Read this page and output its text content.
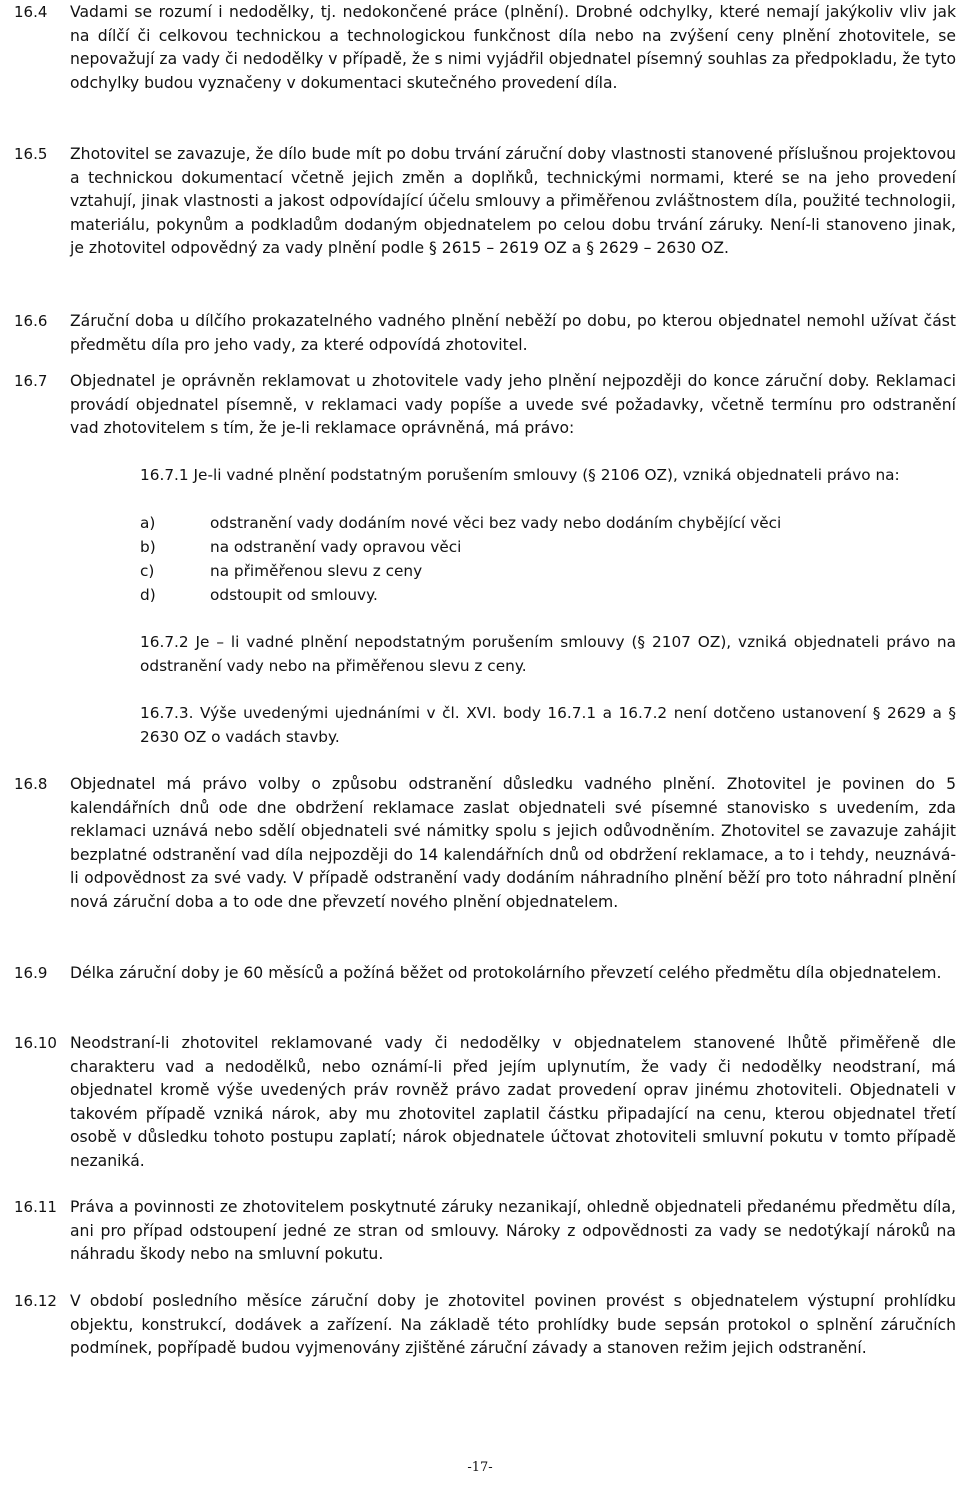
16.4 Vadami se rozumí i nedodělky, tj. nedokončené práce (plnění). Drobné odchylky, které nemají jakýkoliv vliv jak na dílčí či celkovou technickou a technologickou funkčnost díla nebo na zvýšení ceny plnění zhotovitele, se nepovažují za vady či nedodělky v případě, že s nimi vyjádřil objednatel písemný souhlas za předpokladu, že tyto odchylky budou vyznačeny v dokumentaci skutečného provedení díla.
16.5 Zhotovitel se zavazuje, že dílo bude mít po dobu trvání záruční doby vlastnosti stanovené příslušnou projektovou a technickou dokumentací včetně jejich změn a doplňků, technickými normami, které se na jeho provedení vztahují, jinak vlastnosti a jakost odpovídající účelu smlouvy a přiměřenou zvláštnostem díla, použité technologii, materiálu, pokynům a podkladům dodaným objednatelem po celou dobu trvání záruky. Není-li stanoveno jinak, je zhotovitel odpovědný za vady plnění podle § 2615 – 2619 OZ a § 2629 – 2630 OZ.
16.6 Záruční doba u dílčího prokazatelného vadného plnění neběží po dobu, po kterou objednatel nemohl užívat část předmětu díla pro jeho vady, za které odpovídá zhotovitel.
16.7 Objednatel je oprávněn reklamovat u zhotovitele vady jeho plnění nejpozději do konce záruční doby. Reklamaci provádí objednatel písemně, v reklamaci vady popíše a uvede své požadavky, včetně termínu pro odstranění vad zhotovitelem s tím, že je-li reklamace oprávněná, má právo:
16.7.1 Je-li vadné plnění podstatným porušením smlouvy (§ 2106 OZ), vzniká objednateli právo na:
a)	odstranění vady dodáním nové věci bez vady nebo dodáním chybějící věci
b)	na odstranění vady opravou věci
c)	na přiměřenou slevu z ceny
d)	odstoupit od smlouvy.
16.7.2 Je – li vadné plnění nepodstatným porušením smlouvy (§ 2107 OZ), vzniká objednateli právo na odstranění vady nebo na přiměřenou slevu z ceny.
16.7.3. Výše uvedenými ujednáními v čl. XVI. body 16.7.1 a 16.7.2 není dotčeno ustanovení § 2629 a § 2630 OZ o vadách stavby.
16.8 Objednatel má právo volby o způsobu odstranění důsledku vadného plnění. Zhotovitel je povinen do 5 kalendářních dnů ode dne obdržení reklamace zaslat objednateli své písemné stanovisko s uvedením, zda reklamaci uznává nebo sdělí objednateli své námitky spolu s jejich odůvodněním. Zhotovitel se zavazuje zahájit bezplatné odstranění vad díla nejpozději do 14 kalendářních dnů od obdržení reklamace, a to i tehdy, neuznává-li odpovědnost za své vady. V případě odstranění vady dodáním náhradního plnění běží pro toto náhradní plnění nová záruční doba a to ode dne převzetí nového plnění objednatelem.
16.9 Délka záruční doby je 60 měsíců a požíná běžet od protokolárního převzetí celého předmětu díla objednatelem.
16.10 Neodstraní-li zhotovitel reklamované vady či nedodělky v objednatelem stanovené lhůtě přiměřeně dle charakteru vad a nedodělků, nebo oznámí-li před jejím uplynutím, že vady či nedodělky neodstraní, má objednatel kromě výše uvedených práv rovněž právo zadat provedení oprav jinému zhotoviteli. Objednateli v takovém případě vzniká nárok, aby mu zhotovitel zaplatil částku připadající na cenu, kterou objednatel třetí osobě v důsledku tohoto postupu zaplatí; nárok objednatele účtovat zhotoviteli smluvní pokutu v tomto případě nezaniká.
16.11 Práva a povinnosti ze zhotovitelem poskytnuté záruky nezanikají, ohledně objednateli předanému předmětu díla, ani pro případ odstoupení jedné ze stran od smlouvy. Nároky z odpovědnosti za vady se nedotýkají nároků na náhradu škody nebo na smluvní pokutu.
16.12 V období posledního měsíce záruční doby je zhotovitel povinen provést s objednatelem výstupní prohlídku objektu, konstrukcí, dodávek a zařízení. Na základě této prohlídky bude sepsán protokol o splnění záručních podmínek, popřípadě budou vyjmenovány zjištěné záruční závady a stanoven režim jejich odstranění.
-17-
